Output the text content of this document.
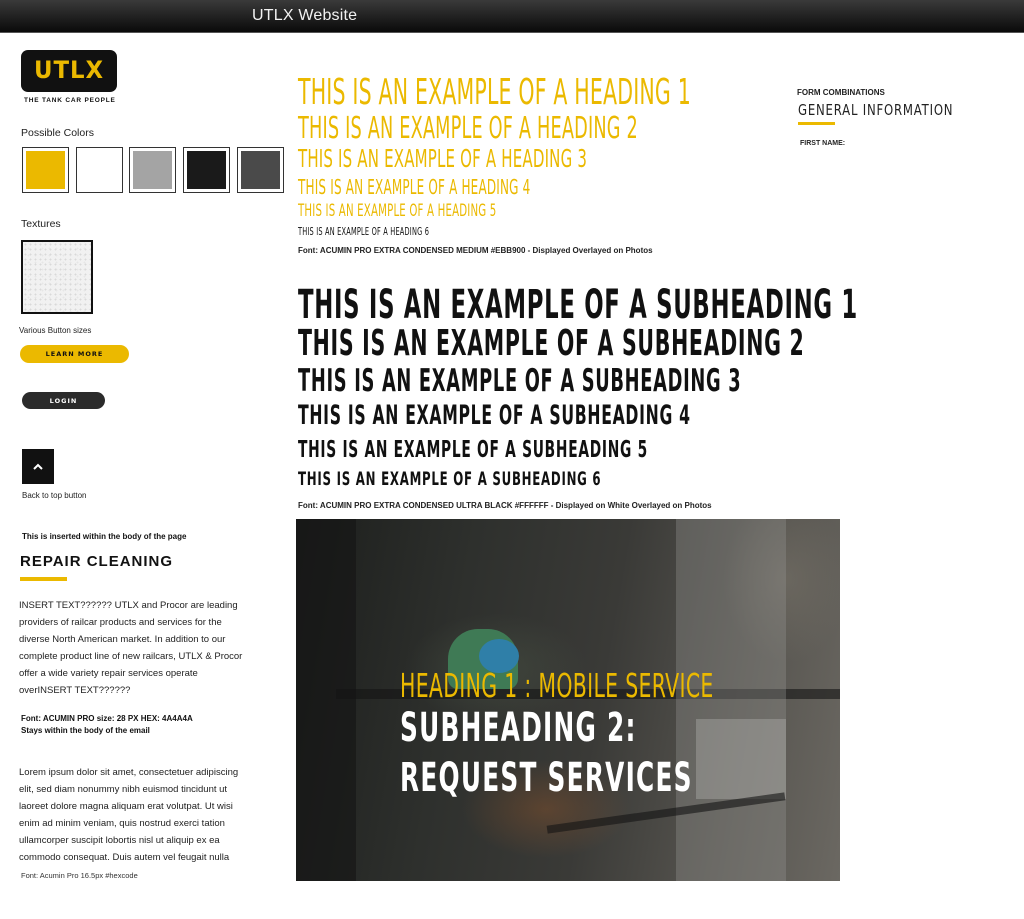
UTLX Website
UTLX
THE TANK CAR PEOPLE
Possible Colors
Textures
Various Button sizes
LEARN MORE
LOGIN
Back to top button
This is inserted within the body of the page
REPAIR CLEANING
INSERT TEXT?????? UTLX and Procor are leading providers of railcar products and services for the diverse North American market. In addition to our complete product line of new railcars, UTLX & Procor offer a wide variety repair services operate overINSERT TEXT??????
Font: ACUMIN PRO size: 28 PX HEX: 4A4A4A
Stays within the body of the email
Lorem ipsum dolor sit amet, consectetuer adipiscing elit, sed diam nonummy nibh euismod tincidunt ut laoreet dolore magna aliquam erat volutpat. Ut wisi enim ad minim veniam, quis nostrud exerci tation ullamcorper suscipit lobortis nisl ut aliquip ex ea commodo consequat. Duis autem vel feugait nulla
Font: Acumin Pro 16.5px #hexcode
THIS IS AN EXAMPLE OF A HEADING 1
THIS IS AN EXAMPLE OF A HEADING 2
THIS IS AN EXAMPLE OF A HEADING 3
THIS IS AN EXAMPLE OF A HEADING 4
THIS IS AN EXAMPLE OF A HEADING 5
THIS IS AN EXAMPLE OF A HEADING 6
Font: ACUMIN PRO EXTRA CONDENSED MEDIUM #EBB900 - Displayed Overlayed on Photos
THIS IS AN EXAMPLE OF A SUBHEADING 1
THIS IS AN EXAMPLE OF A SUBHEADING 2
THIS IS AN EXAMPLE OF A SUBHEADING 3
THIS IS AN EXAMPLE OF A SUBHEADING 4
THIS IS AN EXAMPLE OF A SUBHEADING 5
THIS IS AN EXAMPLE OF A SUBHEADING 6
Font: ACUMIN PRO EXTRA CONDENSED ULTRA BLACK #FFFFFF - Displayed on White Overlayed on Photos
FORM COMBINATIONS
GENERAL INFORMATION
FIRST NAME:
HEADING 1 : MOBILE SERVICE
SUBHEADING 2:
REQUEST SERVICES
